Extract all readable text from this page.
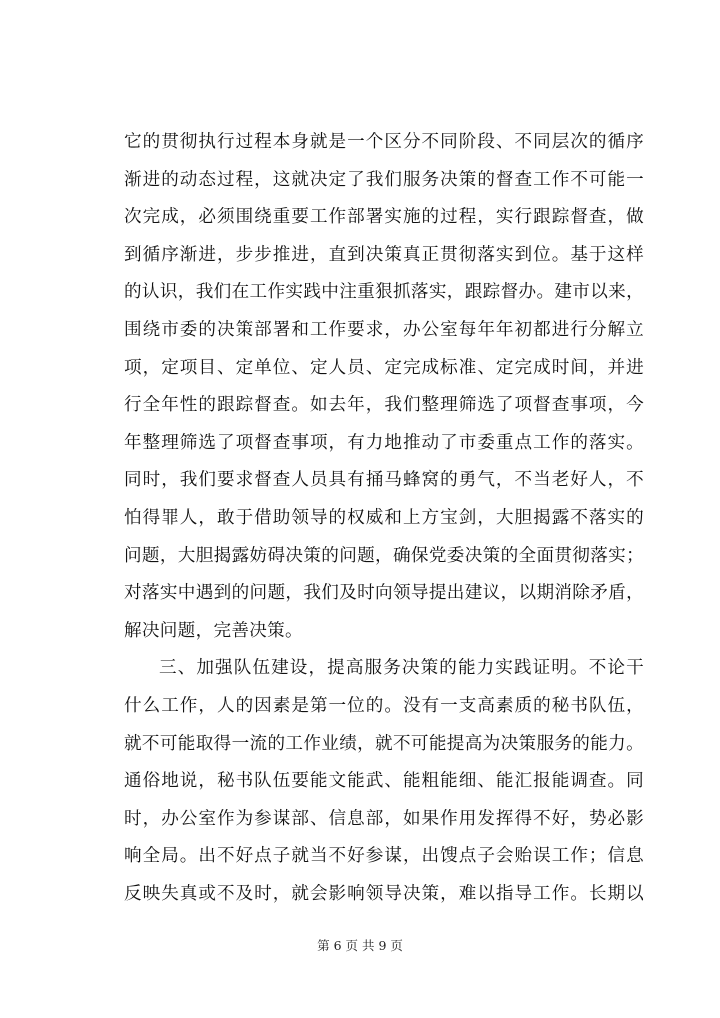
它的贯彻执行过程本身就是一个区分不同阶段、不同层次的循序
渐进的动态过程，这就决定了我们服务决策的督查工作不可能一
次完成，必须围绕重要工作部署实施的过程，实行跟踪督查，做
到循序渐进，步步推进，直到决策真正贯彻落实到位。基于这样
的认识，我们在工作实践中注重狠抓落实，跟踪督办。建市以来，
围绕市委的决策部署和工作要求，办公室每年年初都进行分解立
项，定项目、定单位、定人员、定完成标准、定完成时间，并进
行全年性的跟踪督查。如去年，我们整理筛选了项督查事项，今
年整理筛选了项督查事项，有力地推动了市委重点工作的落实。
同时，我们要求督查人员具有捅马蜂窝的勇气，不当老好人，不
怕得罪人，敢于借助领导的权威和上方宝剑，大胆揭露不落实的
问题，大胆揭露妨碍决策的问题，确保党委决策的全面贯彻落实；
对落实中遇到的问题，我们及时向领导提出建议，以期消除矛盾，
解决问题，完善决策。
三、加强队伍建设，提高服务决策的能力实践证明。不论干
什么工作，人的因素是第一位的。没有一支高素质的秘书队伍，
就不可能取得一流的工作业绩，就不可能提高为决策服务的能力。
通俗地说，秘书队伍要能文能武、能粗能细、能汇报能调查。同
时，办公室作为参谋部、信息部，如果作用发挥得不好，势必影
响全局。出不好点子就当不好参谋，出馊点子会贻误工作；信息
反映失真或不及时，就会影响领导决策，难以指导工作。长期以
第 6 页 共 9 页
